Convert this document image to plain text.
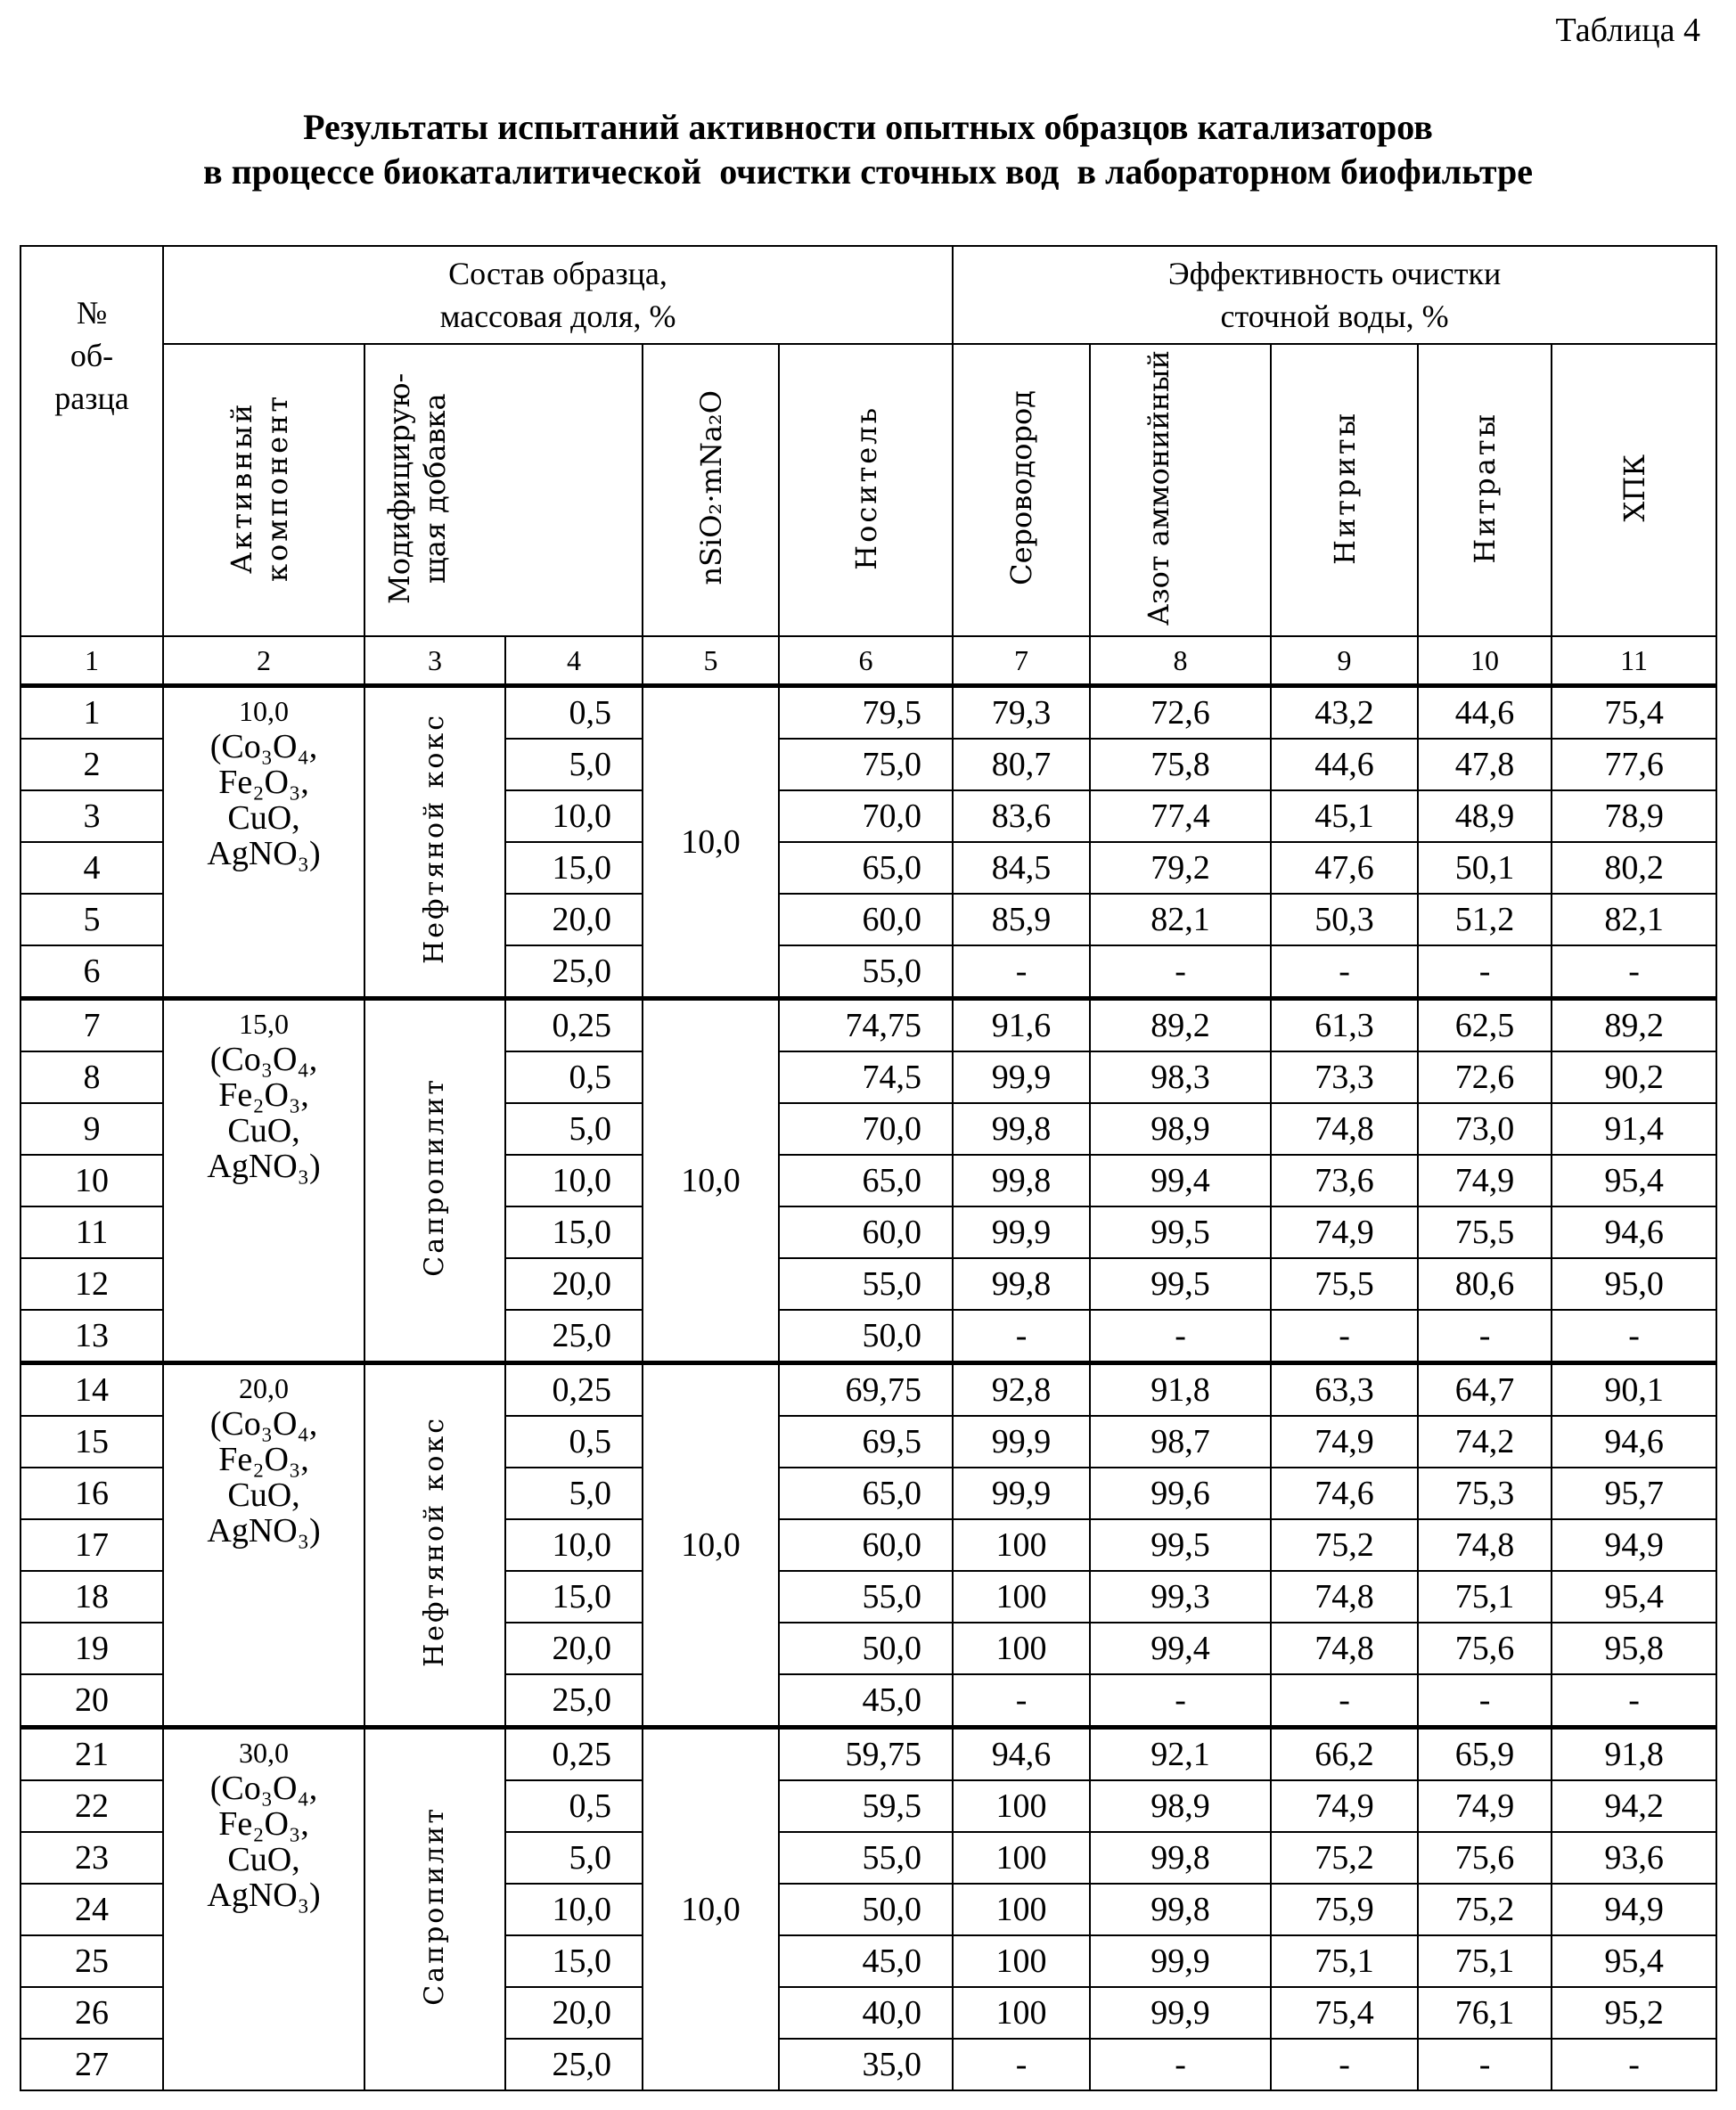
Таблица 4
Результаты испытаний активности опытных образцов катализаторов
в процессе биокаталитической  очистки сточных вод  в лабораторном биофильтре
№ об- разца

Состав образца, массовая доля, %

Эффективность очистки сточной воды, %

Активный компонент	Модифицирую- щая добавка	nSiO₂·mNa₂O	Носитель	Сероводород	Азот аммонийный	Нитриты	Нитраты	ХПК
1	2	3	4	5	6	7	8	9	10	11
1	10,0
(Co₃O₄,
Fe₂O₃,
CuO,
AgNO₃)	Нефтяной кокс	0,5	10,0	79,5	79,3	72,6	43,2	44,6	75,4
2	5,0	75,0	80,7	75,8	44,6	47,8	77,6
3	10,0	70,0	83,6	77,4	45,1	48,9	78,9
4	15,0	65,0	84,5	79,2	47,6	50,1	80,2
5	20,0	60,0	85,9	82,1	50,3	51,2	82,1
6	25,0	55,0	-	-	-	-	-
7	15,0
(Co₃O₄,
Fe₂O₃,
CuO,
AgNO₃)	Сапропилит	0,25	10,0	74,75	91,6	89,2	61,3	62,5	89,2
8	0,5	74,5	99,9	98,3	73,3	72,6	90,2
9	5,0	70,0	99,8	98,9	74,8	73,0	91,4
10	10,0	65,0	99,8	99,4	73,6	74,9	95,4
11	15,0	60,0	99,9	99,5	74,9	75,5	94,6
12	20,0	55,0	99,8	99,5	75,5	80,6	95,0
13	25,0	50,0	-	-	-	-	-
14	20,0
(Co₃O₄,
Fe₂O₃,
CuO,
AgNO₃)	Нефтяной кокс	0,25	10,0	69,75	92,8	91,8	63,3	64,7	90,1
15	0,5	69,5	99,9	98,7	74,9	74,2	94,6
16	5,0	65,0	99,9	99,6	74,6	75,3	95,7
17	10,0	60,0	100	99,5	75,2	74,8	94,9
18	15,0	55,0	100	99,3	74,8	75,1	95,4
19	20,0	50,0	100	99,4	74,8	75,6	95,8
20	25,0	45,0	-	-	-	-	-
21	30,0
(Co₃O₄,
Fe₂O₃,
CuO,
AgNO₃)	Сапропилит	0,25	10,0	59,75	94,6	92,1	66,2	65,9	91,8
22	0,5	59,5	100	98,9	74,9	74,9	94,2
23	5,0	55,0	100	99,8	75,2	75,6	93,6
24	10,0	50,0	100	99,8	75,9	75,2	94,9
25	15,0	45,0	100	99,9	75,1	75,1	95,4
26	20,0	40,0	100	99,9	75,4	76,1	95,2
27	25,0	35,0	-	-	-	-	-
